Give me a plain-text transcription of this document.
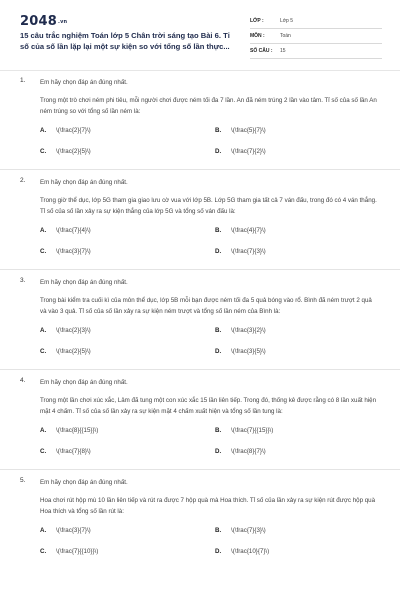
2048.vn
15 câu trắc nghiệm Toán lớp 5 Chân trời sáng tạo Bài 6. Tỉ số của số lần lặp lại một sự kiện so với tổng số lần thực...
LỚP :	Lớp 5
MÔN :	Toán
SỐ CÂU :	15
1. Em hãy chọn đáp án đúng nhất.
Trong một trò chơi ném phi tiêu, mỗi người chơi được ném tối đa 7 lần. An đã ném trúng 2 lần vào tâm. Tỉ số của số lần An ném trúng so với tổng số lần ném là:
A.	\(\frac{2}{7}\)	B.	\(\frac{5}{7}\)
C.	\(\frac{2}{5}\)	D.	\(\frac{7}{2}\)
2. Em hãy chọn đáp án đúng nhất.
Trong giờ thể dục, lớp 5G tham gia giao lưu cờ vua với lớp 5B. Lớp 5G tham gia tất cả 7 ván đấu, trong đó có 4 ván thắng. Tỉ số của số lần xảy ra sự kiện thắng của lớp 5G và tổng số ván đấu là:
A.	\(\frac{7}{4}\)	B.	\(\frac{4}{7}\)
C.	\(\frac{3}{7}\)	D.	\(\frac{7}{3}\)
3. Em hãy chọn đáp án đúng nhất.
Trong bài kiểm tra cuối kì của môn thể dục, lớp 5B mỗi bạn được ném tối đa 5 quả bóng vào rổ. Bình đã ném trượt 2 quả và vào 3 quả. Tỉ số của số lần xảy ra sự kiện ném trượt và tổng số lần ném của Bình là:
A.	\(\frac{2}{3}\)	B.	\(\frac{3}{2}\)
C.	\(\frac{2}{5}\)	D.	\(\frac{3}{5}\)
4. Em hãy chọn đáp án đúng nhất.
Trong một lần chơi xúc xắc, Lâm đã tung một con xúc xắc 15 lần liên tiếp. Trong đó, thống kê được rằng có 8 lần xuất hiện mặt 4 chấm. Tỉ số của số lần xảy ra sự kiện mặt 4 chấm xuất hiện và tổng số lần tung là:
A.	\(\frac{8}{{15}}\)	B.	\(\frac{7}{{15}}\)
C.	\(\frac{7}{8}\)	D.	\(\frac{8}{7}\)
5. Em hãy chọn đáp án đúng nhất.
Hoa chơi rút hộp mù 10 lần liên tiếp và rút ra được 7 hộp quà mà Hoa thích. Tỉ số của lần xảy ra sự kiện rút được hộp quà Hoa thích và tổng số lần rút là:
A.	\(\frac{3}{7}\)	B.	\(\frac{7}{3}\)
C.	\(\frac{7}{{10}}\)	D.	\(\frac{10}{7}\)
